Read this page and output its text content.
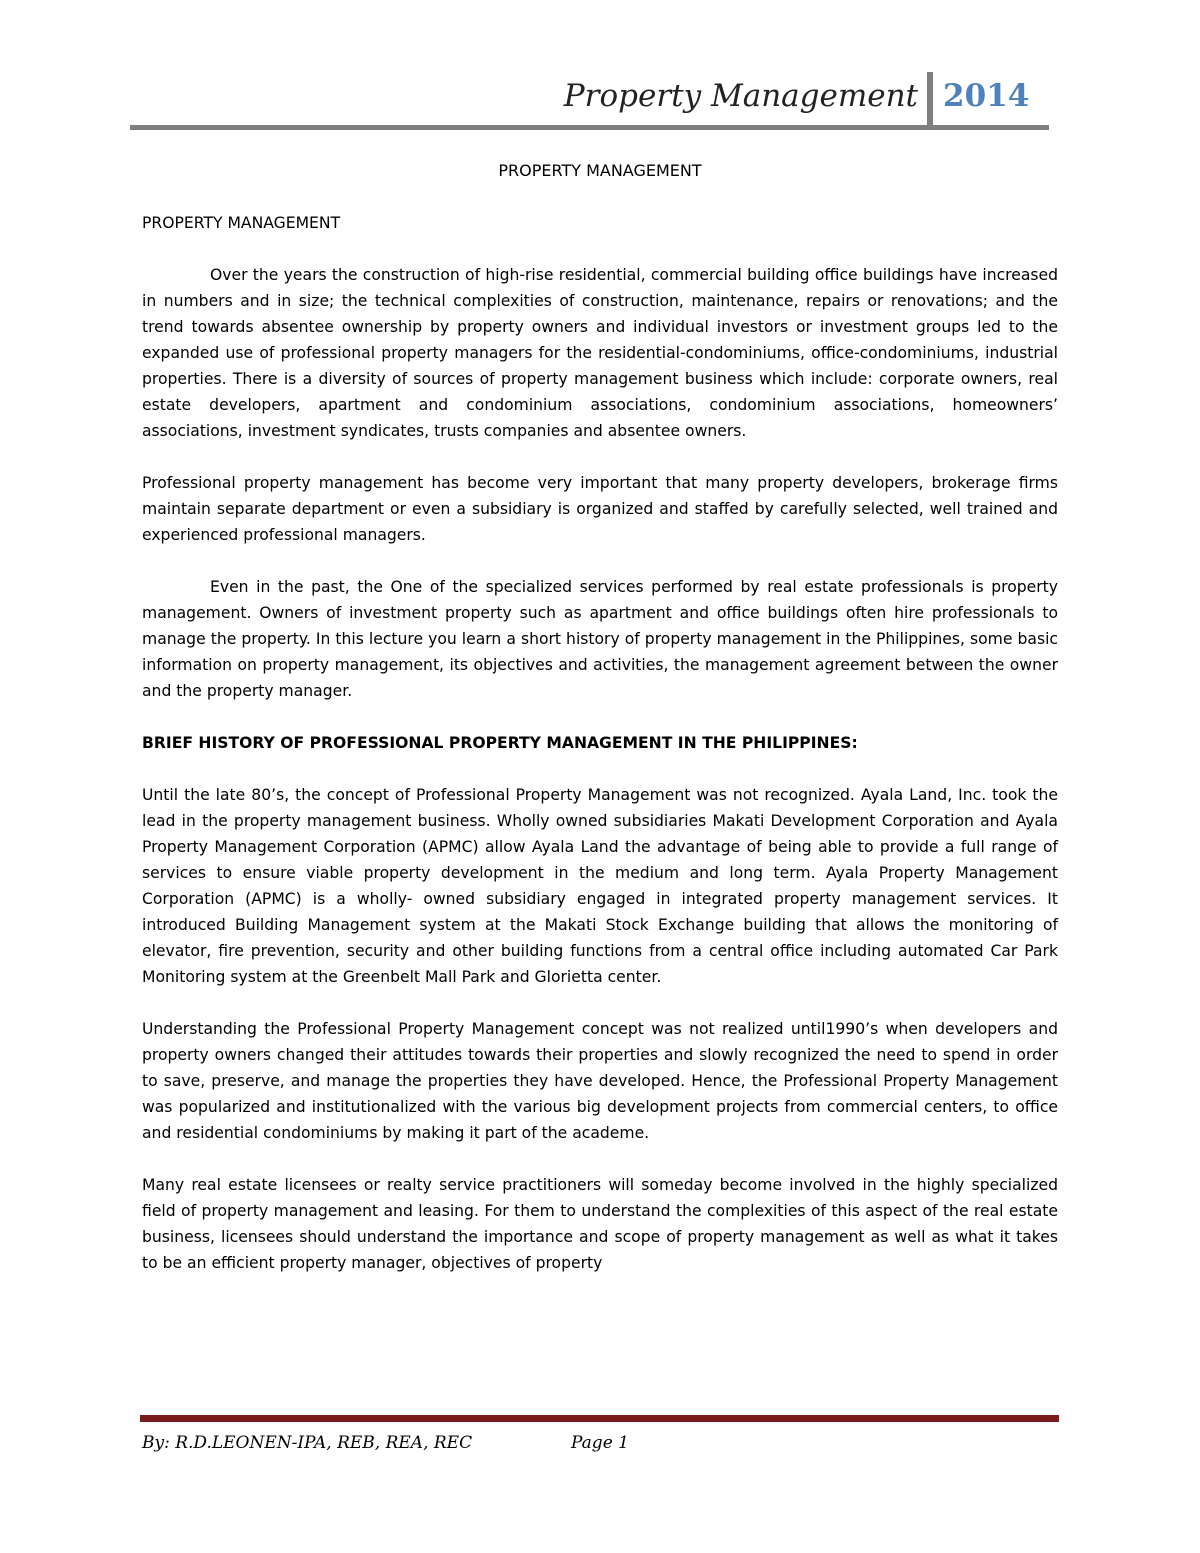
Property Management 2014
PROPERTY MANAGEMENT
PROPERTY MANAGEMENT

Over the years the construction of high-rise residential, commercial building office buildings have increased in numbers and in size; the technical complexities of construction, maintenance, repairs or renovations; and the trend towards absentee ownership by property owners and individual investors or investment groups led to the expanded use of professional property managers for the residential-condominiums, office-condominiums, industrial properties. There is a diversity of sources of property management business which include: corporate owners, real estate developers, apartment and condominium associations, condominium associations, homeowners’ associations, investment syndicates, trusts companies and absentee owners.

Professional property management has become very important that many property developers, brokerage firms maintain separate department or even a subsidiary is organized and staffed by carefully selected, well trained and experienced professional managers.

Even in the past, the One of the specialized services performed by real estate professionals is property management. Owners of investment property such as apartment and office buildings often hire professionals to manage the property. In this lecture you learn a short history of property management in the Philippines, some basic information on property management, its objectives and activities, the management agreement between the owner and the property manager.

BRIEF HISTORY OF PROFESSIONAL PROPERTY MANAGEMENT IN THE PHILIPPINES:

Until the late 80’s, the concept of Professional Property Management was not recognized. Ayala Land, Inc. took the lead in the property management business. Wholly owned subsidiaries Makati Development Corporation and Ayala Property Management Corporation (APMC) allow Ayala Land the advantage of being able to provide a full range of services to ensure viable property development in the medium and long term. Ayala Property Management Corporation (APMC) is a wholly- owned subsidiary engaged in integrated property management services. It introduced Building Management system at the Makati Stock Exchange building that allows the monitoring of elevator, fire prevention, security and other building functions from a central office including automated Car Park Monitoring system at the Greenbelt Mall Park and Glorietta center.

Understanding the Professional Property Management concept was not realized until1990’s when developers and property owners changed their attitudes towards their properties and slowly recognized the need to spend in order to save, preserve, and manage the properties they have developed. Hence, the Professional Property Management was popularized and institutionalized with the various big development projects from commercial centers, to office and residential condominiums by making it part of the academe.

Many real estate licensees or realty service practitioners will someday become involved in the highly specialized field of property management and leasing. For them to understand the complexities of this aspect of the real estate business, licensees should understand the importance and scope of property management as well as what it takes to be an efficient property manager, objectives of property

By: R.D.LEONEN-IPA, REB, REA, REC	Page 1
